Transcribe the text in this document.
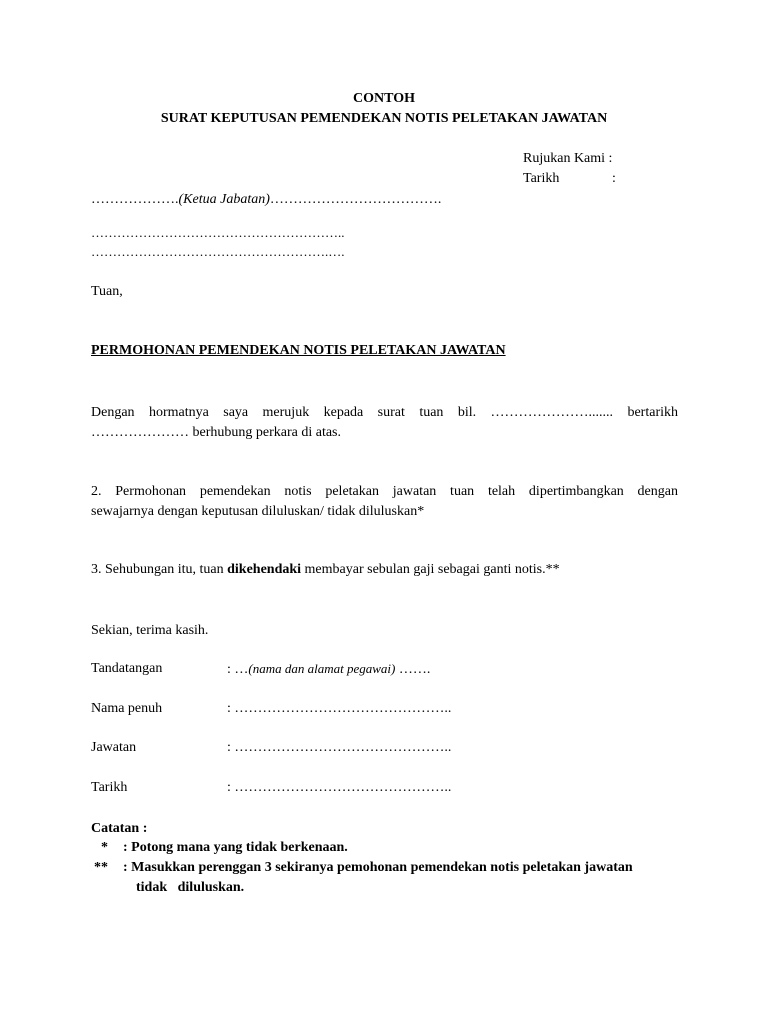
CONTOH
SURAT KEPUTUSAN PEMENDEKAN NOTIS PELETAKAN JAWATAN
Rujukan Kami :
Tarikh	:
……………….(Ketua Jabatan)……………………………….
…………………………………………………..
……………………………………………….….
Tuan,
PERMOHONAN PEMENDEKAN NOTIS PELETAKAN JAWATAN
Dengan hormatnya saya merujuk kepada surat tuan bil. …………………....... bertarikh
………………… berhubung perkara di atas.
2. Permohonan pemendekan notis peletakan jawatan tuan telah dipertimbangkan dengan
sewajarnya dengan keputusan diluluskan/ tidak diluluskan*
3. Sehubungan itu, tuan dikehendaki membayar sebulan gaji sebagai ganti notis.**
Sekian, terima kasih.
Tandatangan	: …(nama dan alamat pegawai) …….
Nama penuh	: ………………………………………..
Jawatan	: ………………………………………..
Tarikh	: ………………………………………..
Catatan :
* : Potong mana yang tidak berkenaan.
** : Masukkan perenggan 3 sekiranya pemohonan pemendekan notis peletakan jawatan
tidak   diluluskan.
